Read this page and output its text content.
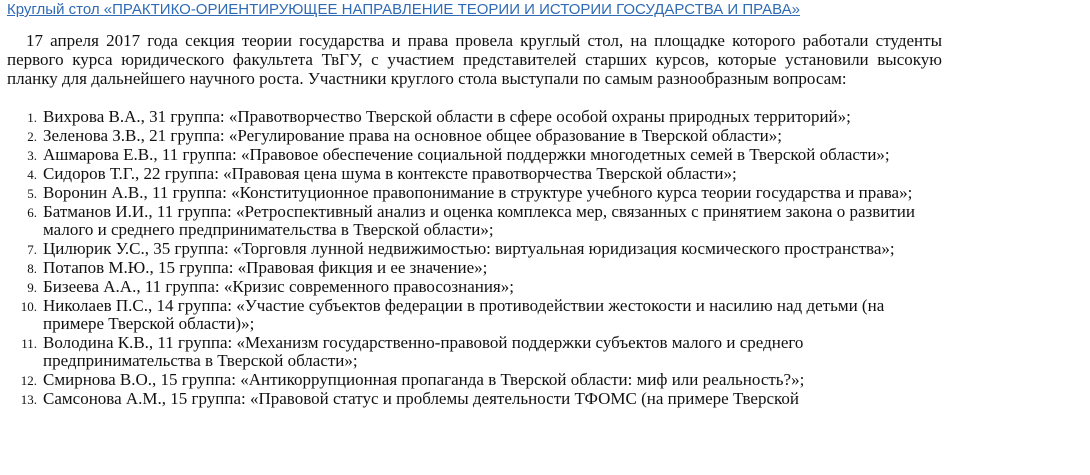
Круглый стол «ПРАКТИКО-ОРИЕНТИРУЮЩЕЕ НАПРАВЛЕНИЕ ТЕОРИИ И ИСТОРИИ ГОСУДАРСТВА И ПРАВА»

17 апреля 2017 года секция теории государства и права провела круглый стол, на площадке которого работали студенты первого курса юридического факультета ТвГУ, с участием представителей старших курсов, которые установили высокую планку для дальнейшего научного роста. Участники круглого стола выступали по самым разнообразным вопросам:

1. Вихрова В.А., 31 группа: «Правотворчество Тверской области в сфере особой охраны природных территорий»;
2. Зеленова З.В., 21 группа: «Регулирование права на основное общее образование в Тверской области»;
3. Ашмарова Е.В., 11 группа: «Правовое обеспечение социальной поддержки многодетных семей в Тверской области»;
4. Сидоров Т.Г., 22 группа: «Правовая цена шума в контексте правотворчества Тверской области»;
5. Воронин А.В., 11 группа: «Конституционное правопонимание в структуре учебного курса теории государства и права»;
6. Батманов И.И., 11 группа: «Ретроспективный анализ и оценка комплекса мер, связанных с принятием закона о развитии малого и среднего предпринимательства в Тверской области»;
7. Цилюрик У.С., 35 группа: «Торговля лунной недвижимостью: виртуальная юридизация космического пространства»;
8. Потапов М.Ю., 15 группа: «Правовая фикция и ее значение»;
9. Бизеева А.А., 11 группа: «Кризис современного правосознания»;
10. Николаев П.С., 14 группа: «Участие субъектов федерации в противодействии жестокости и насилию над детьми (на примере Тверской области)»;
11. Володина К.В., 11 группа: «Механизм государственно-правовой поддержки субъектов малого и среднего предпринимательства в Тверской области»;
12. Смирнова В.О., 15 группа: «Антикоррупционная пропаганда в Тверской области: миф или реальность?»;
13. Самсонова А.М., 15 группа: «Правовой статус и проблемы деятельности ТФОМС (на примере Тверской
